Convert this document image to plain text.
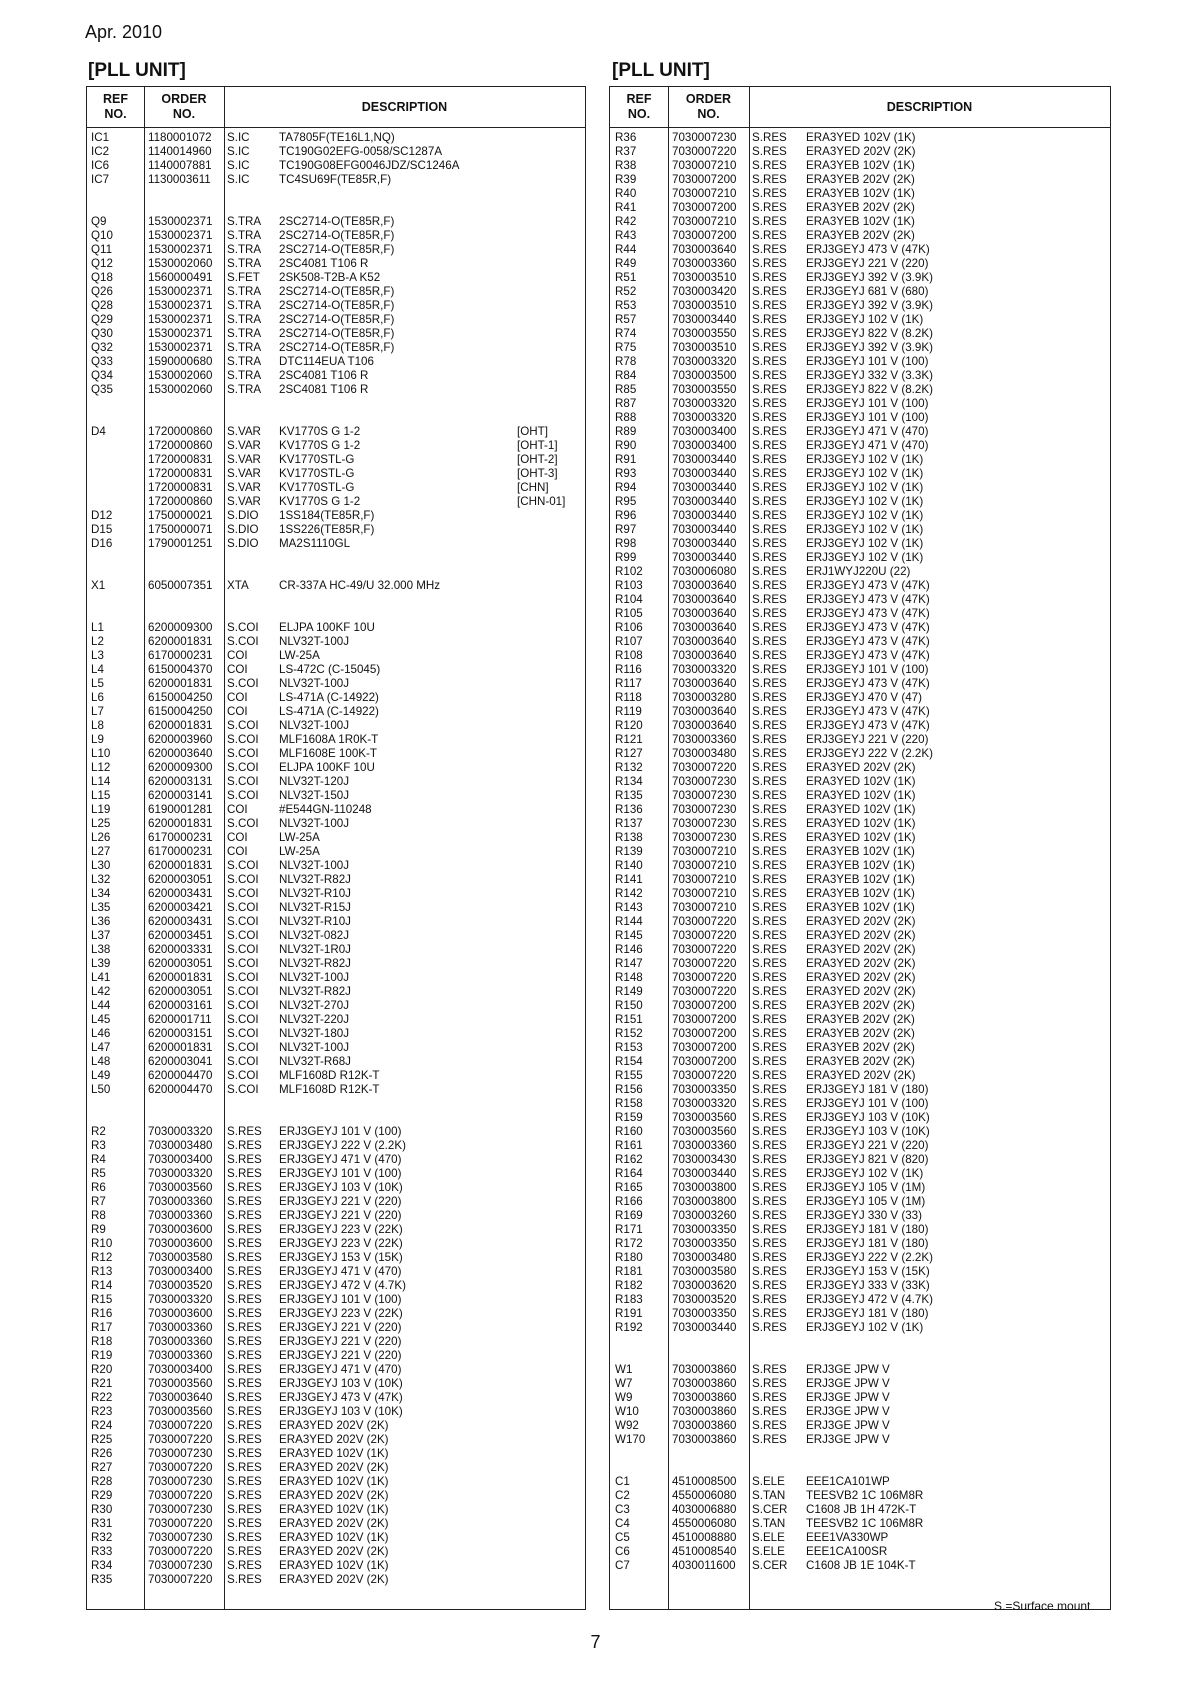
Apr. 2010
[PLL UNIT]	[PLL UNIT]
REF
NO.
ORDER
NO.
DESCRIPTION
IC1	1180001072 S.IC	TA7805F(TE16L1,NQ)
IC2	1140014960 S.IC	TC190G02EFG-0058/SC1287A
IC6	1140007881 S.IC	TC190G08EFG0046JDZ/SC1246A
IC7	1130003611 S.IC	TC4SU69F(TE85R,F)
Q9	1530002371 S.TRA 2SC2714-O(TE85R,F)
Q10	1530002371 S.TRA 2SC2714-O(TE85R,F)
Q11	1530002371 S.TRA 2SC2714-O(TE85R,F)
Q12	1530002060 S.TRA 2SC4081 T106 R
Q18	1560000491 S.FET 2SK508-T2B-A K52
Q26	1530002371 S.TRA 2SC2714-O(TE85R,F)
Q28	1530002371 S.TRA 2SC2714-O(TE85R,F)
Q29	1530002371 S.TRA 2SC2714-O(TE85R,F)
Q30	1530002371 S.TRA 2SC2714-O(TE85R,F)
Q32	1530002371 S.TRA 2SC2714-O(TE85R,F)
Q33	1590000680 S.TRA DTC114EUA T106
Q34	1530002060 S.TRA 2SC4081 T106 R
Q35	1530002060 S.TRA 2SC4081 T106 R
D4	1720000860 S.VAR KV1770S G 1-2	[OHT]
1720000860 S.VAR KV1770S G 1-2	[OHT-1]
1720000831 S.VAR KV1770STL-G	[OHT-2]
1720000831 S.VAR KV1770STL-G	[OHT-3]
1720000831 S.VAR KV1770STL-G	[CHN]
1720000860 S.VAR KV1770S G 1-2	[CHN-01]
D12	1750000021 S.DIO 1SS184(TE85R,F)
D15	1750000071 S.DIO 1SS226(TE85R,F)
D16	1790001251 S.DIO MA2S1110GL
X1	6050007351 XTA	CR-337A HC-49/U 32.000 MHz
L1	6200009300 S.COI ELJPA 100KF 10U
L2	6200001831 S.COI NLV32T-100J
L3	6170000231 COI	LW-25A
L4	6150004370 COI	LS-472C (C-15045)
L5	6200001831 S.COI NLV32T-100J
L6	6150004250 COI	LS-471A (C-14922)
L7	6150004250 COI	LS-471A (C-14922)
L8	6200001831 S.COI NLV32T-100J
L9	6200003960 S.COI MLF1608A 1R0K-T
L10	6200003640 S.COI MLF1608E 100K-T
L12	6200009300 S.COI ELJPA 100KF 10U
L14	6200003131 S.COI NLV32T-120J
L15	6200003141 S.COI NLV32T-150J
L19	6190001281 COI	#E544GN-110248
L25	6200001831 S.COI NLV32T-100J
L26	6170000231 COI	LW-25A
L27	6170000231 COI	LW-25A
L30	6200001831 S.COI NLV32T-100J
L32	6200003051 S.COI NLV32T-R82J
L34	6200003431 S.COI NLV32T-R10J
L35	6200003421 S.COI NLV32T-R15J
L36	6200003431 S.COI NLV32T-R10J
L37	6200003451 S.COI NLV32T-082J
L38	6200003331 S.COI NLV32T-1R0J
L39	6200003051 S.COI NLV32T-R82J
L41	6200001831 S.COI NLV32T-100J
L42	6200003051 S.COI NLV32T-R82J
L44	6200003161 S.COI NLV32T-270J
L45	6200001711 S.COI NLV32T-220J
L46	6200003151 S.COI NLV32T-180J
L47	6200001831 S.COI NLV32T-100J
L48	6200003041 S.COI NLV32T-R68J
L49	6200004470 S.COI MLF1608D R12K-T
L50	6200004470 S.COI MLF1608D R12K-T
R2	7030003320 S.RES ERJ3GEYJ 101 V (100)
R3	7030003480 S.RES ERJ3GEYJ 222 V (2.2K)
R4	7030003400 S.RES ERJ3GEYJ 471 V (470)
R5	7030003320 S.RES ERJ3GEYJ 101 V (100)
R6	7030003560 S.RES ERJ3GEYJ 103 V (10K)
R7	7030003360 S.RES ERJ3GEYJ 221 V (220)
R8	7030003360 S.RES ERJ3GEYJ 221 V (220)
R9	7030003600 S.RES ERJ3GEYJ 223 V (22K)
R10	7030003600 S.RES ERJ3GEYJ 223 V (22K)
R12	7030003580 S.RES ERJ3GEYJ 153 V (15K)
R13	7030003400 S.RES ERJ3GEYJ 471 V (470)
R14	7030003520 S.RES ERJ3GEYJ 472 V (4.7K)
R15	7030003320 S.RES ERJ3GEYJ 101 V (100)
R16	7030003600 S.RES ERJ3GEYJ 223 V (22K)
R17	7030003360 S.RES ERJ3GEYJ 221 V (220)
R18	7030003360 S.RES ERJ3GEYJ 221 V (220)
R19	7030003360 S.RES ERJ3GEYJ 221 V (220)
R20	7030003400 S.RES ERJ3GEYJ 471 V (470)
R21	7030003560 S.RES ERJ3GEYJ 103 V (10K)
R22	7030003640 S.RES ERJ3GEYJ 473 V (47K)
R23	7030003560 S.RES ERJ3GEYJ 103 V (10K)
R24	7030007220 S.RES ERA3YED 202V (2K)
R25	7030007220 S.RES ERA3YED 202V (2K)
R26	7030007230 S.RES ERA3YED 102V (1K)
R27	7030007220 S.RES ERA3YED 202V (2K)
R28	7030007230 S.RES ERA3YED 102V (1K)
R29	7030007220 S.RES ERA3YED 202V (2K)
R30	7030007230 S.RES ERA3YED 102V (1K)
R31	7030007220 S.RES ERA3YED 202V (2K)
R32	7030007230 S.RES ERA3YED 102V (1K)
R33	7030007220 S.RES ERA3YED 202V (2K)
R34	7030007230 S.RES ERA3YED 102V (1K)
R35	7030007220 S.RES ERA3YED 202V (2K)
REF
NO.
ORDER
NO.
DESCRIPTION
R36	7030007230 S.RES ERA3YED 102V (1K)
R37	7030007220 S.RES ERA3YED 202V (2K)
R38	7030007210 S.RES ERA3YEB 102V (1K)
R39	7030007200 S.RES ERA3YEB 202V (2K)
R40	7030007210 S.RES ERA3YEB 102V (1K)
R41	7030007200 S.RES ERA3YEB 202V (2K)
R42	7030007210 S.RES ERA3YEB 102V (1K)
R43	7030007200 S.RES ERA3YEB 202V (2K)
R44	7030003640 S.RES ERJ3GEYJ 473 V (47K)
R49	7030003360 S.RES ERJ3GEYJ 221 V (220)
R51	7030003510 S.RES ERJ3GEYJ 392 V (3.9K)
R52	7030003420 S.RES ERJ3GEYJ 681 V (680)
R53	7030003510 S.RES ERJ3GEYJ 392 V (3.9K)
R57	7030003440 S.RES ERJ3GEYJ 102 V (1K)
R74	7030003550 S.RES ERJ3GEYJ 822 V (8.2K)
R75	7030003510 S.RES ERJ3GEYJ 392 V (3.9K)
R78	7030003320 S.RES ERJ3GEYJ 101 V (100)
R84	7030003500 S.RES ERJ3GEYJ 332 V (3.3K)
R85	7030003550 S.RES ERJ3GEYJ 822 V (8.2K)
R87	7030003320 S.RES ERJ3GEYJ 101 V (100)
R88	7030003320 S.RES ERJ3GEYJ 101 V (100)
R89	7030003400 S.RES ERJ3GEYJ 471 V (470)
R90	7030003400 S.RES ERJ3GEYJ 471 V (470)
R91	7030003440 S.RES ERJ3GEYJ 102 V (1K)
R93	7030003440 S.RES ERJ3GEYJ 102 V (1K)
R94	7030003440 S.RES ERJ3GEYJ 102 V (1K)
R95	7030003440 S.RES ERJ3GEYJ 102 V (1K)
R96	7030003440 S.RES ERJ3GEYJ 102 V (1K)
R97	7030003440 S.RES ERJ3GEYJ 102 V (1K)
R98	7030003440 S.RES ERJ3GEYJ 102 V (1K)
R99	7030003440 S.RES ERJ3GEYJ 102 V (1K)
R102	7030006080 S.RES ERJ1WYJ220U (22)
R103	7030003640 S.RES ERJ3GEYJ 473 V (47K)
R104	7030003640 S.RES ERJ3GEYJ 473 V (47K)
R105	7030003640 S.RES ERJ3GEYJ 473 V (47K)
R106	7030003640 S.RES ERJ3GEYJ 473 V (47K)
R107	7030003640 S.RES ERJ3GEYJ 473 V (47K)
R108	7030003640 S.RES ERJ3GEYJ 473 V (47K)
R116	7030003320 S.RES ERJ3GEYJ 101 V (100)
R117	7030003640 S.RES ERJ3GEYJ 473 V (47K)
R118	7030003280 S.RES ERJ3GEYJ 470 V (47)
R119	7030003640 S.RES ERJ3GEYJ 473 V (47K)
R120	7030003640 S.RES ERJ3GEYJ 473 V (47K)
R121	7030003360 S.RES ERJ3GEYJ 221 V (220)
R127	7030003480 S.RES ERJ3GEYJ 222 V (2.2K)
R132	7030007220 S.RES ERA3YED 202V (2K)
R134	7030007230 S.RES ERA3YED 102V (1K)
R135	7030007230 S.RES ERA3YED 102V (1K)
R136	7030007230 S.RES ERA3YED 102V (1K)
R137	7030007230 S.RES ERA3YED 102V (1K)
R138	7030007230 S.RES ERA3YED 102V (1K)
R139	7030007210 S.RES ERA3YEB 102V (1K)
R140	7030007210 S.RES ERA3YEB 102V (1K)
R141	7030007210 S.RES ERA3YEB 102V (1K)
R142	7030007210 S.RES ERA3YEB 102V (1K)
R143	7030007210 S.RES ERA3YEB 102V (1K)
R144	7030007220 S.RES ERA3YED 202V (2K)
R145	7030007220 S.RES ERA3YED 202V (2K)
R146	7030007220 S.RES ERA3YED 202V (2K)
R147	7030007220 S.RES ERA3YED 202V (2K)
R148	7030007220 S.RES ERA3YED 202V (2K)
R149	7030007220 S.RES ERA3YED 202V (2K)
R150	7030007200 S.RES ERA3YEB 202V (2K)
R151	7030007200 S.RES ERA3YEB 202V (2K)
R152	7030007200 S.RES ERA3YEB 202V (2K)
R153	7030007200 S.RES ERA3YEB 202V (2K)
R154	7030007200 S.RES ERA3YEB 202V (2K)
R155	7030007220 S.RES ERA3YED 202V (2K)
R156	7030003350 S.RES ERJ3GEYJ 181 V (180)
R158	7030003320 S.RES ERJ3GEYJ 101 V (100)
R159	7030003560 S.RES ERJ3GEYJ 103 V (10K)
R160	7030003560 S.RES ERJ3GEYJ 103 V (10K)
R161	7030003360 S.RES ERJ3GEYJ 221 V (220)
R162	7030003430 S.RES ERJ3GEYJ 821 V (820)
R164	7030003440 S.RES ERJ3GEYJ 102 V (1K)
R165	7030003800 S.RES ERJ3GEYJ 105 V (1M)
R166	7030003800 S.RES ERJ3GEYJ 105 V (1M)
R169	7030003260 S.RES ERJ3GEYJ 330 V (33)
R171	7030003350 S.RES ERJ3GEYJ 181 V (180)
R172	7030003350 S.RES ERJ3GEYJ 181 V (180)
R180	7030003480 S.RES ERJ3GEYJ 222 V (2.2K)
R181	7030003580 S.RES ERJ3GEYJ 153 V (15K)
R182	7030003620 S.RES ERJ3GEYJ 333 V (33K)
R183	7030003520 S.RES ERJ3GEYJ 472 V (4.7K)
R191	7030003350 S.RES ERJ3GEYJ 181 V (180)
R192	7030003440 S.RES ERJ3GEYJ 102 V (1K)
W1	7030003860 S.RES ERJ3GE JPW V
W7	7030003860 S.RES ERJ3GE JPW V
W9	7030003860 S.RES ERJ3GE JPW V
W10	7030003860 S.RES ERJ3GE JPW V
W92	7030003860 S.RES ERJ3GE JPW V
W170 7030003860 S.RES ERJ3GE JPW V
C1	4510008500 S.ELE EEE1CA101WP
C2	4550006080 S.TAN TEESVB2 1C 106M8R
C3	4030006880 S.CER C1608 JB 1H 472K-T
C4	4550006080 S.TAN TEESVB2 1C 106M8R
C5	4510008880 S.ELE EEE1VA330WP
C6	4510008540 S.ELE EEE1CA100SR
C7	4030011600 S.CER C1608 JB 1E 104K-T
S.=Surface mount
7
